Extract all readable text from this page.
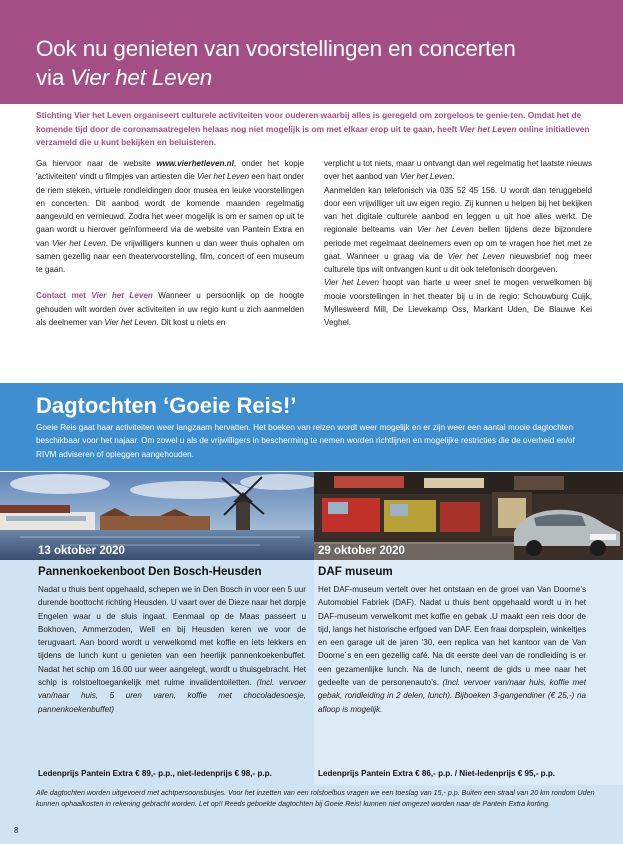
Ook nu genieten van voorstellingen en concerten
via Vier het Leven

Stichting Vier het Leven organiseert culturele activiteiten voor ouderen waarbij alles is geregeld om zorgeloos te genie-ten. Omdat het de komende tijd door de coronamaatregelen helaas nog niet mogelijk is om met elkaar erop uit te gaan, heeft Vier het Leven online initiatieven verzameld die u kunt bekijken en beluisteren.

Ga hiervoor naar de website www.vierhetleven.nl, onder het kopje 'activiteiten' vindt u filmpjes van artiesten die Vier het Leven een hart onder de riem steken, virtuele rondleidingen door musea en leuke voorstellingen en concerten. Dit aanbod wordt de komende maanden regelmatig aangevuld en vernieuwd. Zodra het weer mogelijk is om er samen op uit te gaan wordt u hierover geïnformeerd via de website van Pantein Extra en van Vier het Leven. De vrijwilligers kunnen u dan weer thuis ophalen om samen gezellig naar een theatervoorstelling, film, concert of een museum te gaan.

Contact met Vier het Leven Wanneer u persoonlijk op de hoogte gehouden wilt worden over activiteiten in uw regio kunt u zich aanmelden als deelnemer van Vier het Leven. Dit kost u niets en

verplicht u tot niets, maar u ontvangt dan wel regelmatig het laatste nieuws over het aanbod van Vier het Leven.

Aanmelden kan telefonisch via 035 52 45 156. U wordt dan teruggebeld door een vrijwilliger uit uw eigen regio. Zij kunnen u helpen bij het bekijken van het digitale culturele aanbod en leggen u uit hoe alles werkt. De regionale belteams van Vier het Leven bellen tijdens deze bijzondere periode met regelmaat deelnemers even op om te vragen hoe het met ze gaat. Wanneer u graag via de Vier het Leven nieuwsbrief nog meer culturele tips wilt ontvangen kunt u dit ook telefonisch doorgeven.

Vier het Leven hoopt van harte u weer snel te mogen verwelkomen bij mooie voorstellingen in het theater bij u in de regio: Schouwburg Cuijk, Myllesweerd Mill, De Lievekamp Oss, Markant Uden, De Blauwe Kei Veghel.

Dagtochten ‘Goeie Reis!’

Goeie Reis gaat haar activiteiten weer langzaam hervatten. Het boeken van reizen wordt weer mogelijk en er zijn weer een aantal mooie dagtochten beschikbaar voor het najaar. Om zowel u als de vrijwilligers in bescherming te nemen worden richtlijnen en mogelijke restricties die de overheid en/of RIVM adviseren of opleggen aangehouden.

13 oktober 2020	29 oktober 2020
Pannenkoekenboot Den Bosch-Heusden

Nadat u thuis bent opgehaald, schepen we in Den Bosch in voor een 5 uur durende boottocht richting Heusden. U vaart over de Dieze naar het dorpje Engelen waar u de sluis ingaat. Eenmaal op de Maas passeert u Bokhoven, Ammerzoden, Well en bij Heusden keren we voor de terugvaart. Aan boord wordt u verwelkomd met koffie en iets lekkers en tijdens de lunch kunt u genieten van een heerlijk pannenkoekenbuffet. Nadat het schip om 16.00 uur weer aangelegt, wordt u thuisgebracht. Het schip is rolstoeltoegankelijk met ruime invalidentoiletten. (Incl. vervoer van/naar huis, 5 uren varen, koffie met chocoladesoesje, pannenkoekenbuffet)

Ledenprijs Pantein Extra € 89,- p.p., niet-ledenprijs € 98,- p.p.
DAF museum

Het DAF-museum vertelt over het ontstaan en de groei van Van Doorne’s Automobiel Fabriek (DAF). Nadat u thuis bent opgehaald wordt u in het DAF-museum verwelkomt met koffie en gebak .U maakt een reis door de tijd, langs het historische erfgoed van DAF. Een fraai dorpsplein, winkeltjes en een garage uit de jaren ‘30, een replica van het kantoor van de Van Doorne´s en een gezellig café. Na dit eerste deel van de rondleiding is er een gezamenlijke lunch. Na de lunch, neemt de gids u mee naar het gedeelte van de personenauto’s. (Incl. vervoer van/naar huis, koffie met gebak, rondleiding in 2 delen, lunch). Bijboeken 3-gangendiner (€ 25,-) na afloop is mogelijk.

Ledenprijs Pantein Extra € 86,- p.p. / Niet-ledenprijs € 95,- p.p.

Alle dagtochten worden uitgevoerd met achtpersoonsbusjes. Voor het inzetten van een rolstoelbus vragen we een toeslag van 15,- p.p. Buiten een straal van 20 km rondom Uden kunnen ophaalkosten in rekening gebracht worden. Let op!! Reeds geboekte dagtochten bij Goeie Reis! kunnen niet omgezet worden naar de Pantein Extra korting.

8
